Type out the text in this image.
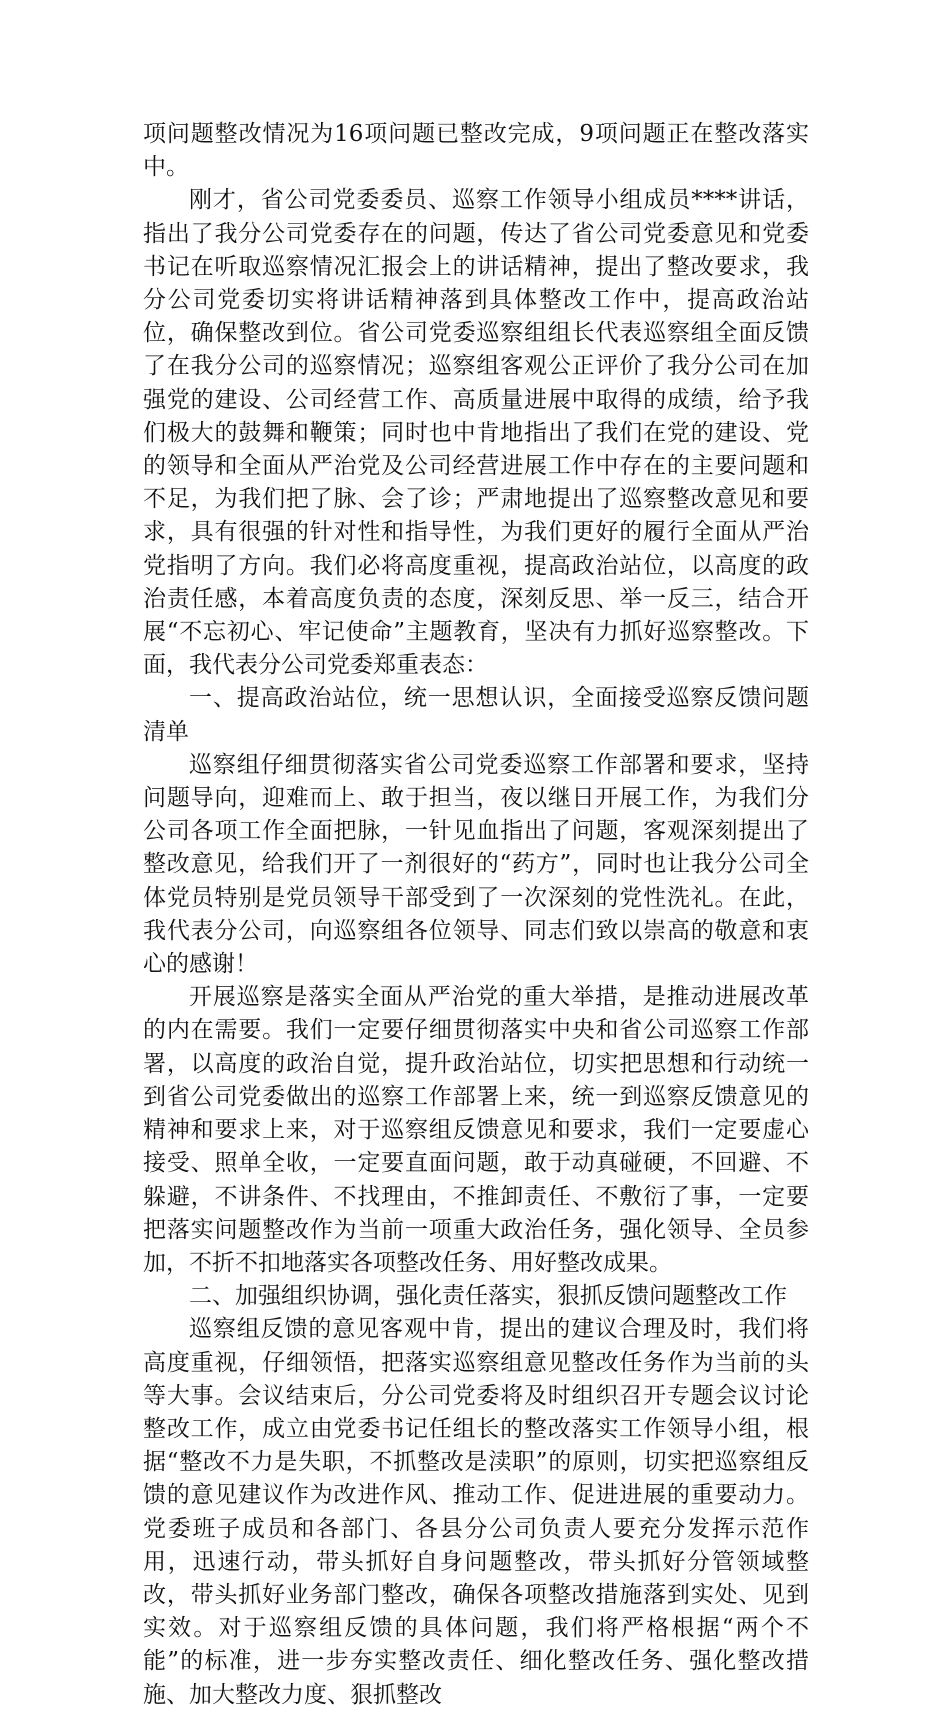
项问题整改情况为16项问题已整改完成，9项问题正在整改落实中。

刚才，省公司党委委员、巡察工作领导小组成员****讲话，指出了我分公司党委存在的问题，传达了省公司党委意见和党委书记在听取巡察情况汇报会上的讲话精神，提出了整改要求，我分公司党委切实将讲话精神落到具体整改工作中，提高政治站位，确保整改到位。省公司党委巡察组组长代表巡察组全面反馈了在我分公司的巡察情况；巡察组客观公正评价了我分公司在加强党的建设、公司经营工作、高质量进展中取得的成绩，给予我们极大的鼓舞和鞭策；同时也中肯地指出了我们在党的建设、党的领导和全面从严治党及公司经营进展工作中存在的主要问题和不足，为我们把了脉、会了诊；严肃地提出了巡察整改意见和要求，具有很强的针对性和指导性，为我们更好的履行全面从严治党指明了方向。我们必将高度重视，提高政治站位，以高度的政治责任感，本着高度负责的态度，深刻反思、举一反三，结合开展“不忘初心、牢记使命”主题教育，坚决有力抓好巡察整改。下面，我代表分公司党委郑重表态：

一、提高政治站位，统一思想认识，全面接受巡察反馈问题清单

巡察组仔细贯彻落实省公司党委巡察工作部署和要求，坚持问题导向，迎难而上、敢于担当，夜以继日开展工作，为我们分公司各项工作全面把脉，一针见血指出了问题，客观深刻提出了整改意见，给我们开了一剂很好的“药方”，同时也让我分公司全体党员特别是党员领导干部受到了一次深刻的党性洗礼。在此，我代表分公司，向巡察组各位领导、同志们致以崇高的敬意和衷心的感谢！

开展巡察是落实全面从严治党的重大举措，是推动进展改革的内在需要。我们一定要仔细贯彻落实中央和省公司巡察工作部署，以高度的政治自觉，提升政治站位，切实把思想和行动统一到省公司党委做出的巡察工作部署上来，统一到巡察反馈意见的精神和要求上来，对于巡察组反馈意见和要求，我们一定要虚心接受、照单全收，一定要直面问题，敢于动真碰硬，不回避、不躲避，不讲条件、不找理由，不推卸责任、不敷衍了事，一定要把落实问题整改作为当前一项重大政治任务，强化领导、全员参加，不折不扣地落实各项整改任务、用好整改成果。

二、加强组织协调，强化责任落实，狠抓反馈问题整改工作

巡察组反馈的意见客观中肯，提出的建议合理及时，我们将高度重视，仔细领悟，把落实巡察组意见整改任务作为当前的头等大事。会议结束后，分公司党委将及时组织召开专题会议讨论整改工作，成立由党委书记任组长的整改落实工作领导小组，根据“整改不力是失职，不抓整改是渎职”的原则，切实把巡察组反馈的意见建议作为改进作风、推动工作、促进进展的重要动力。党委班子成员和各部门、各县分公司负责人要充分发挥示范作用，迅速行动，带头抓好自身问题整改，带头抓好分管领域整改，带头抓好业务部门整改，确保各项整改措施落到实处、见到实效。对于巡察组反馈的具体问题，我们将严格根据“两个不能”的标准，进一步夯实整改责任、细化整改任务、强化整改措施、加大整改力度、狠抓整改
